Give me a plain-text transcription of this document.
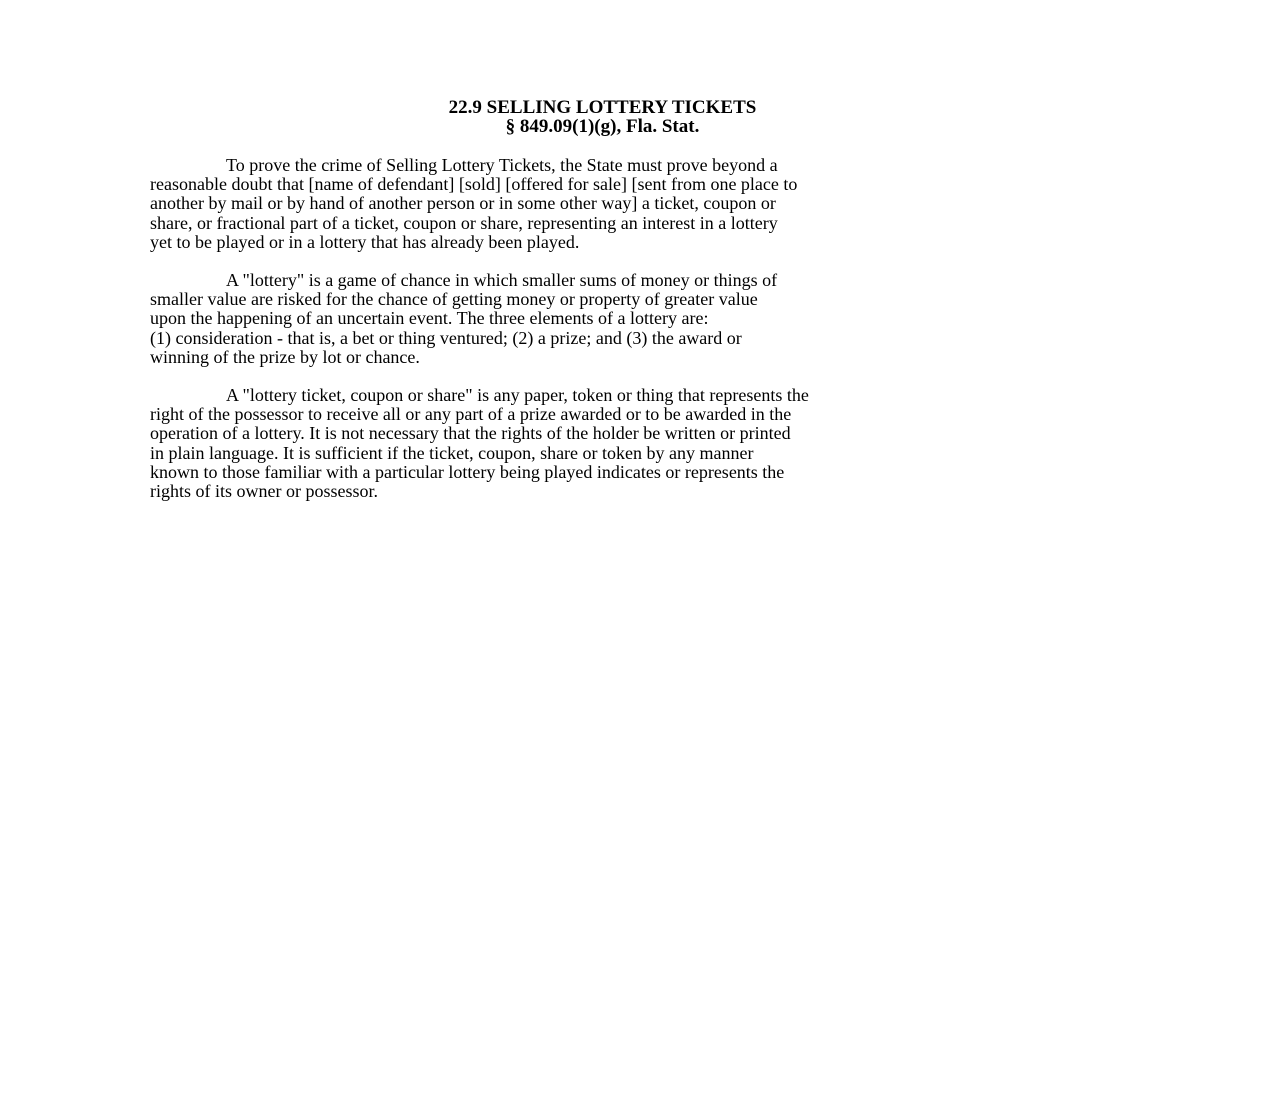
22.9 SELLING LOTTERY TICKETS
§ 849.09(1)(g), Fla. Stat.

To prove the crime of Selling Lottery Tickets, the State must prove beyond a
reasonable doubt that [name of defendant] [sold] [offered for sale] [sent from one place to
another by mail or by hand of another person or in some other way] a ticket, coupon or
share, or fractional part of a ticket, coupon or share, representing an interest in a lottery
yet to be played or in a lottery that has already been played.

A "lottery" is a game of chance in which smaller sums of money or things of
smaller value are risked for the chance of getting money or property of greater value
upon the happening of an uncertain event. The three elements of a lottery are:
(1) consideration - that is, a bet or thing ventured; (2) a prize; and (3) the award or
winning of the prize by lot or chance.

A "lottery ticket, coupon or share" is any paper, token or thing that represents the
right of the possessor to receive all or any part of a prize awarded or to be awarded in the
operation of a lottery. It is not necessary that the rights of the holder be written or printed
in plain language. It is sufficient if the ticket, coupon, share or token by any manner
known to those familiar with a particular lottery being played indicates or represents the
rights of its owner or possessor.
